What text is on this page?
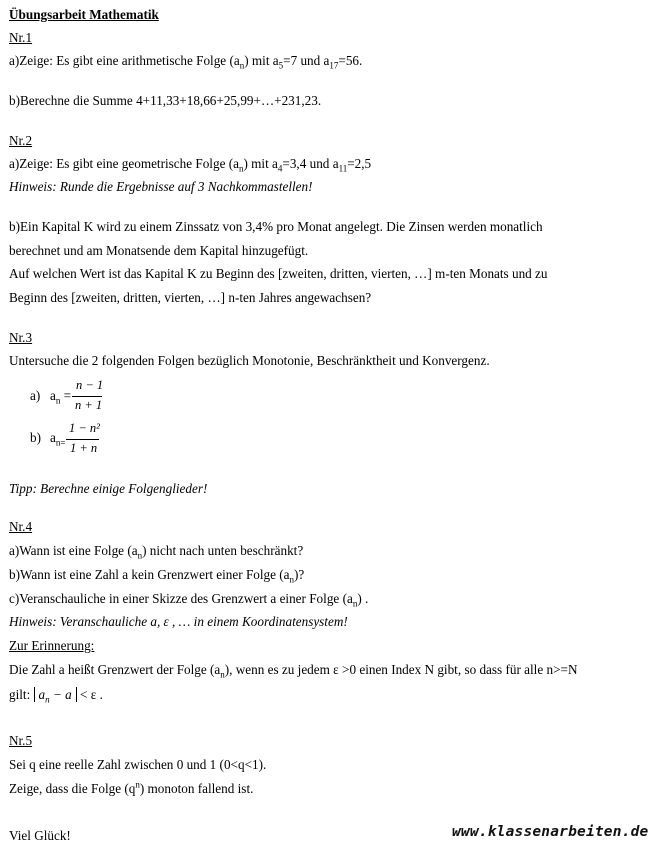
Übungsarbeit Mathematik
Nr.1
a)Zeige: Es gibt eine arithmetische Folge $(a_n)$ mit $a_5=7$ und $a_{17}=56$.
b)Berechne die Summe 4+11,33+18,66+25,99+…+231,23.
Nr.2
a)Zeige: Es gibt eine geometrische Folge $(a_n)$ mit $a_4=3,4$ und $a_{11}=2,5$
Hinweis: Runde die Ergebnisse auf 3 Nachkommastellen!
b)Ein Kapital K wird zu einem Zinssatz von 3,4% pro Monat angelegt. Die Zinsen werden monatlich
berechnet und am Monatsende dem Kapital hinzugefügt.
Auf welchen Wert ist das Kapital K zu Beginn des [zweiten, dritten, vierten, …] m-ten Monats und zu
Beginn des [zweiten, dritten, vierten, …] n-ten Jahres angewachsen?
Nr.3
Untersuche die 2 folgenden Folgen bezüglich Monotonie, Beschränktheit und Konvergenz.
a) $a_n$ =
n − 1
n + 1
b) $a_{n=}$
1 − n²
1 + n
Tipp: Berechne einige Folgenglieder!
Nr.4
a)Wann ist eine Folge $(a_n)$ nicht nach unten beschränkt?
b)Wann ist eine Zahl a kein Grenzwert einer Folge $(a_n)$?
c)Veranschauliche in einer Skizze des Grenzwert a einer Folge $(a_n)$ .
Hinweis: Veranschauliche a, ε , … in einem Koordinatensystem!
Zur Erinnerung:
Die Zahl a heißt Grenzwert der Folge $(a_n)$, wenn es zu jedem ε >0 einen Index N gibt, so dass für alle n>=N
gilt: $a_n - a < \varepsilon$ .
Nr.5
Sei q eine reelle Zahl zwischen 0 und 1 (0<q<1).
Zeige, dass die Folge $(q^n)$ monoton fallend ist.
Viel Glück!	www.klassenarbeiten.de
